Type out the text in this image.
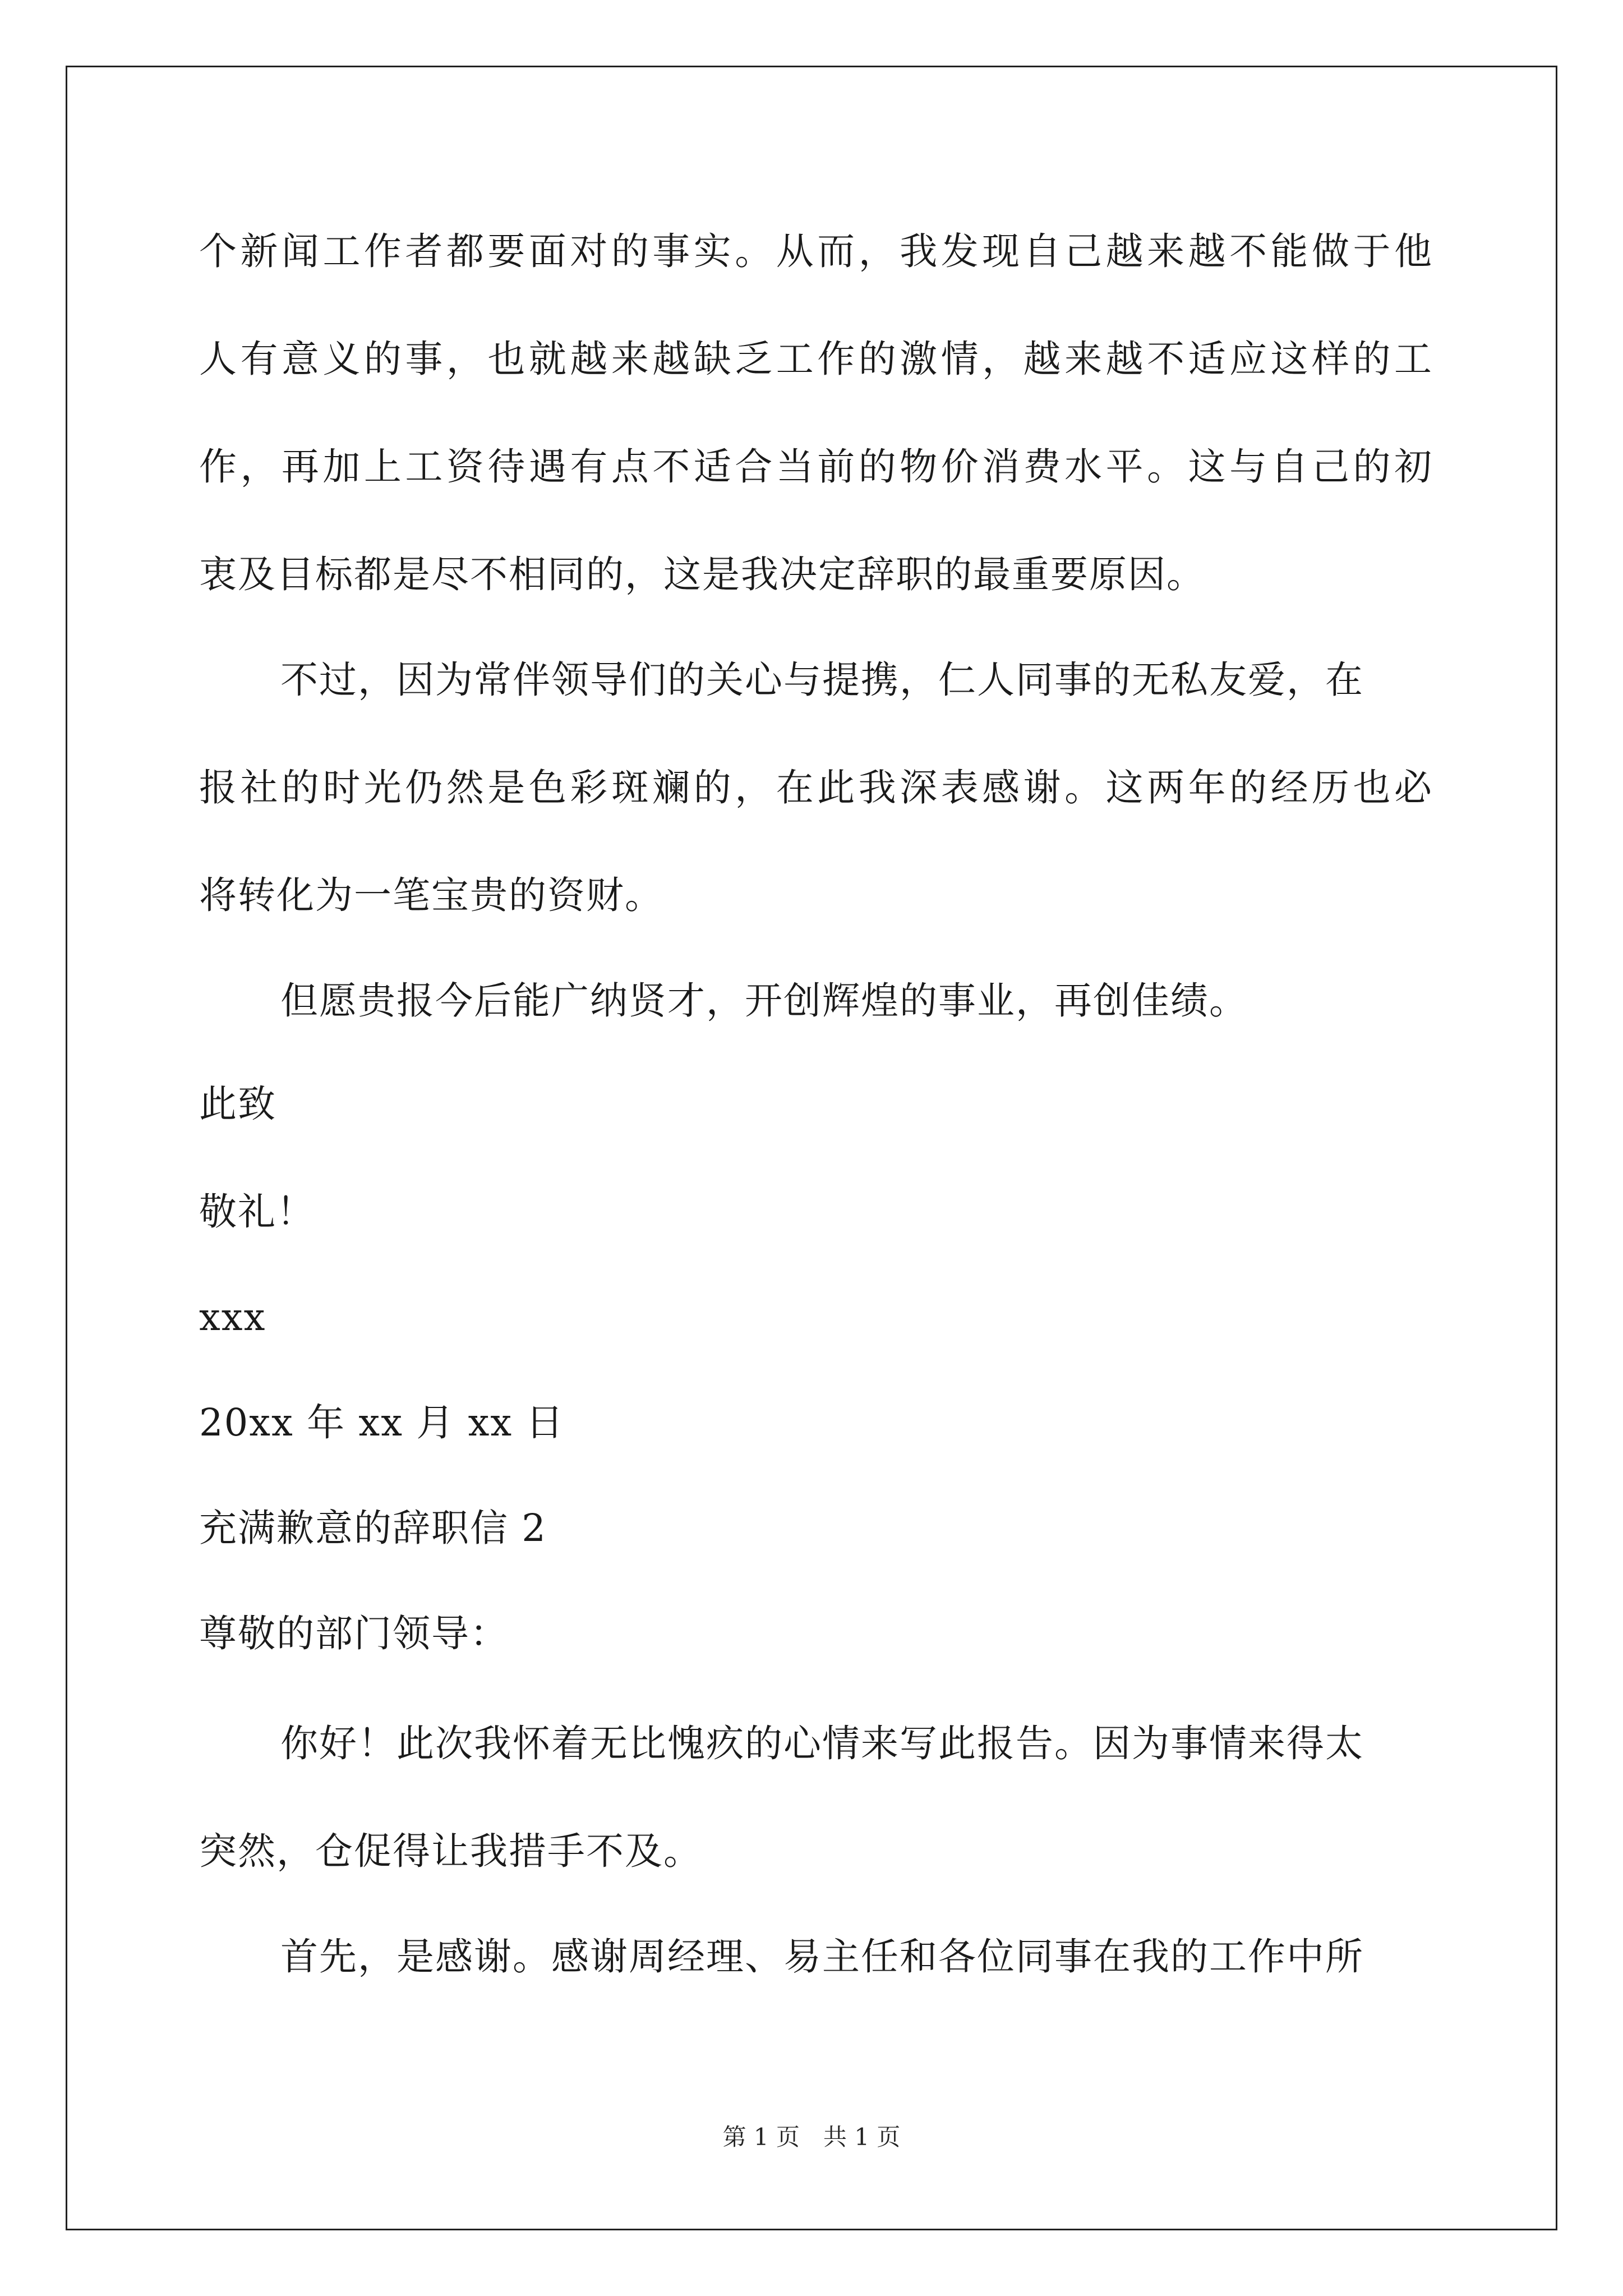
个新闻工作者都要面对的事实。从而，我发现自己越来越不能做于他
人有意义的事，也就越来越缺乏工作的激情，越来越不适应这样的工
作，再加上工资待遇有点不适合当前的物价消费水平。这与自己的初
衷及目标都是尽不相同的，这是我决定辞职的最重要原因。
不过，因为常伴领导们的关心与提携，仁人同事的无私友爱，在
报社的时光仍然是色彩斑斓的，在此我深表感谢。这两年的经历也必
将转化为一笔宝贵的资财。
但愿贵报今后能广纳贤才，开创辉煌的事业，再创佳绩。
此致
敬礼！
xxx
20xx 年 xx 月 xx 日
充满歉意的辞职信 2
尊敬的部门领导：
你好！此次我怀着无比愧疚的心情来写此报告。因为事情来得太
突然，仓促得让我措手不及。
首先，是感谢。感谢周经理、易主任和各位同事在我的工作中所
第 1 页　共 1 页
